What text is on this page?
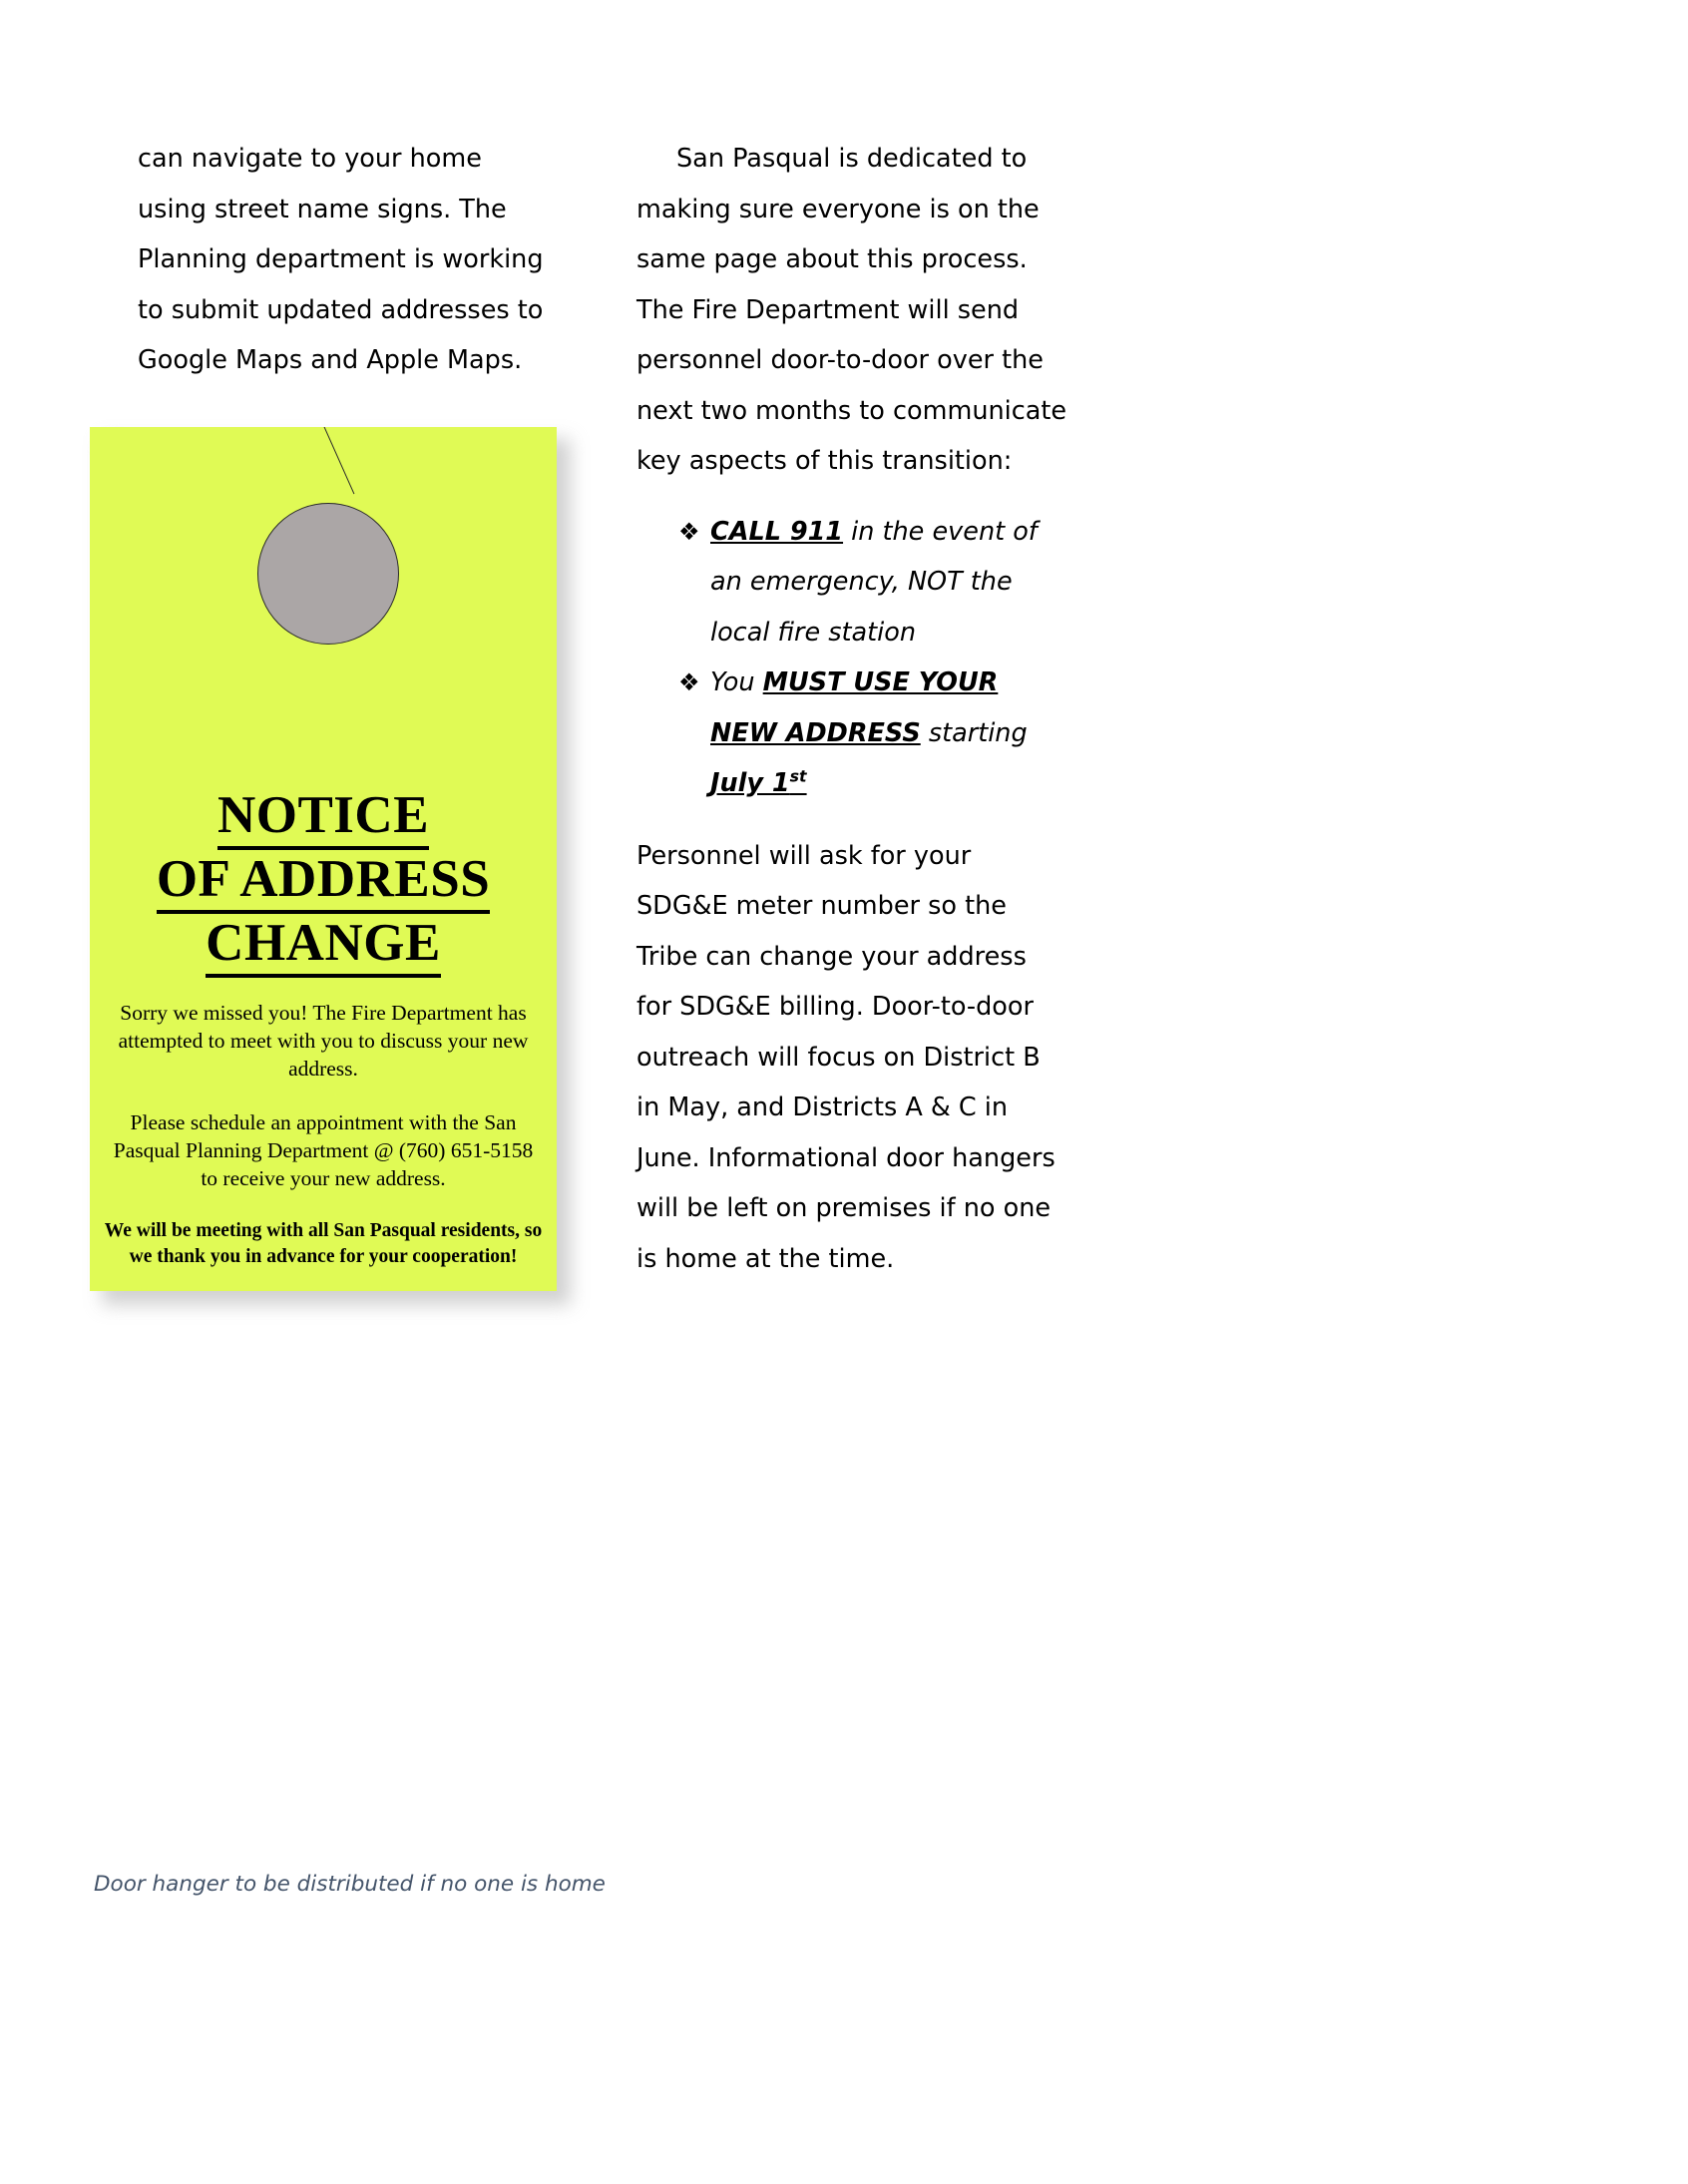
can navigate to your home using street name signs. The Planning department is working to submit updated addresses to Google Maps and Apple Maps.

San Pasqual is dedicated to making sure everyone is on the same page about this process. The Fire Department will send personnel door-to-door over the next two months to communicate key aspects of this transition:

❖ CALL 911 in the event of an emergency, NOT the local fire station
❖ You MUST USE YOUR NEW ADDRESS starting July 1st

Personnel will ask for your SDG&E meter number so the Tribe can change your address for SDG&E billing. Door-to-door outreach will focus on District B in May, and Districts A & C in June. Informational door hangers will be left on premises if no one is home at the time.

NOTICE
OF ADDRESS
CHANGE

Sorry we missed you! The Fire Department has attempted to meet with you to discuss your new address.

Please schedule an appointment with the San Pasqual Planning Department @ (760) 651-5158 to receive your new address.

We will be meeting with all San Pasqual residents, so we thank you in advance for your cooperation!

Door hanger to be distributed if no one is home
